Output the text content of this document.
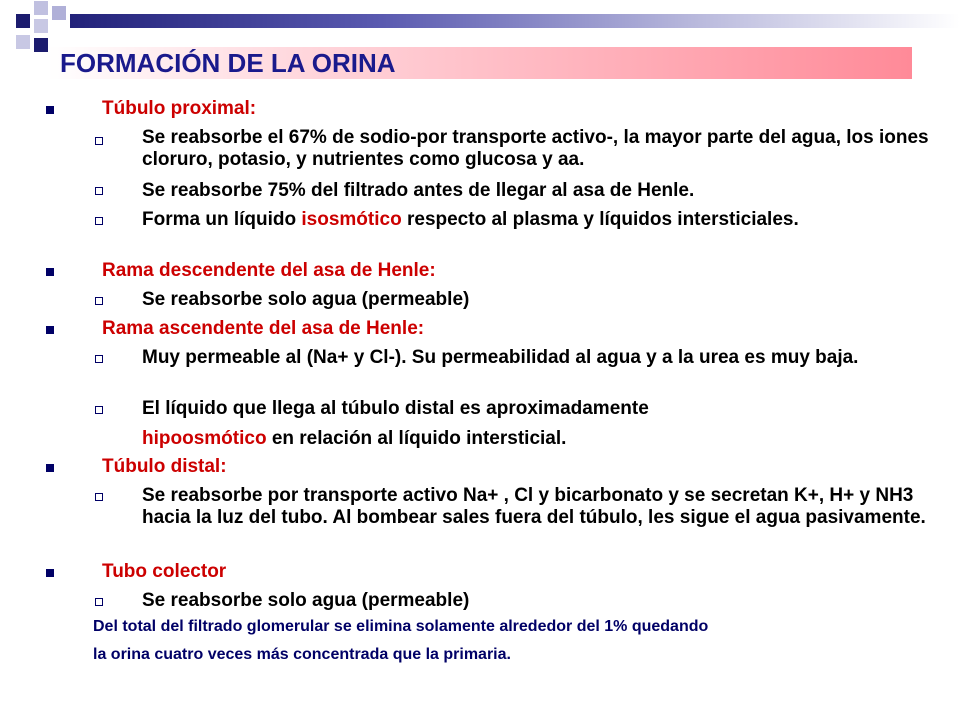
FORMACIÓN DE LA ORINA
Túbulo proximal:
Se reabsorbe el 67% de sodio-por transporte activo-, la mayor parte del agua, los iones cloruro, potasio, y nutrientes como glucosa y aa.
Se reabsorbe 75% del filtrado antes de llegar al asa de Henle.
Forma un líquido isosmótico respecto al plasma y líquidos intersticiales.
Rama descendente del asa de Henle:
Se reabsorbe solo agua (permeable)
Rama ascendente del asa de Henle:
Muy permeable al (Na+ y Cl-). Su permeabilidad al agua y a la urea es muy baja.
El líquido que llega al túbulo distal es aproximadamente
hipoosmótico en relación al líquido intersticial.
Túbulo distal:
Se reabsorbe por transporte activo Na+ , Cl y bicarbonato y se secretan K+, H+ y NH3 hacia la luz del tubo. Al bombear sales fuera del túbulo, les sigue el agua pasivamente.
Tubo colector
Se reabsorbe solo agua (permeable)
Del total del filtrado glomerular se elimina solamente alrededor del 1% quedando
la orina cuatro veces más concentrada que la primaria.
